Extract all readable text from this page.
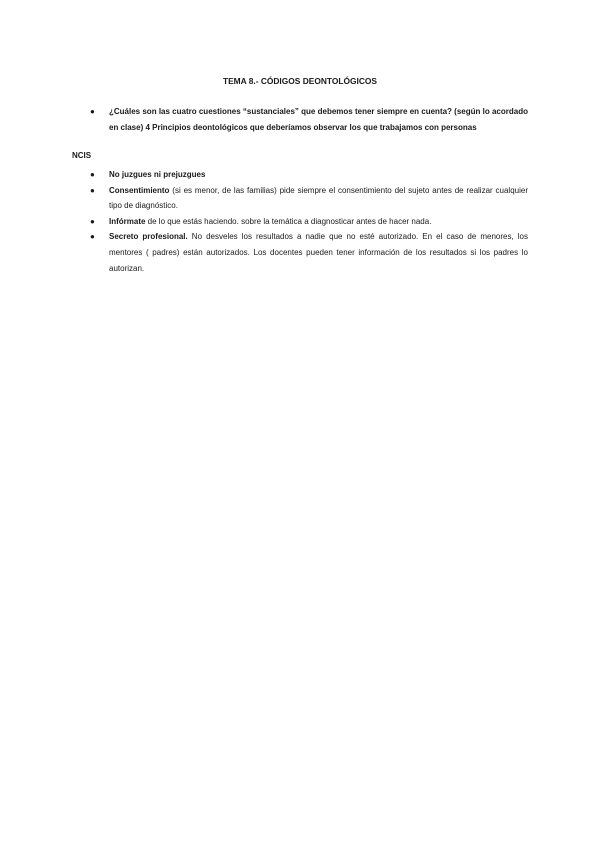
TEMA 8.- CÓDIGOS DEONTOLÓGICOS
● ¿Cuáles son las cuatro cuestiones “sustanciales” que debemos tener siempre en cuenta? (según lo acordado en clase) 4 Principios deontológicos que deberíamos observar los que trabajamos con personas
NCIS
● No juzgues ni prejuzgues
● Consentimiento (si es menor, de las familias) pide siempre el consentimiento del sujeto antes de realizar cualquier tipo de diagnóstico.
● Infórmate de lo que estás haciendo. sobre la temática a diagnosticar antes de hacer nada.
● Secreto profesional. No desveles los resultados a nadie que no esté autorizado. En el caso de menores, los mentores ( padres) están autorizados. Los docentes pueden tener información de los resultados si los padres lo autorizan.
